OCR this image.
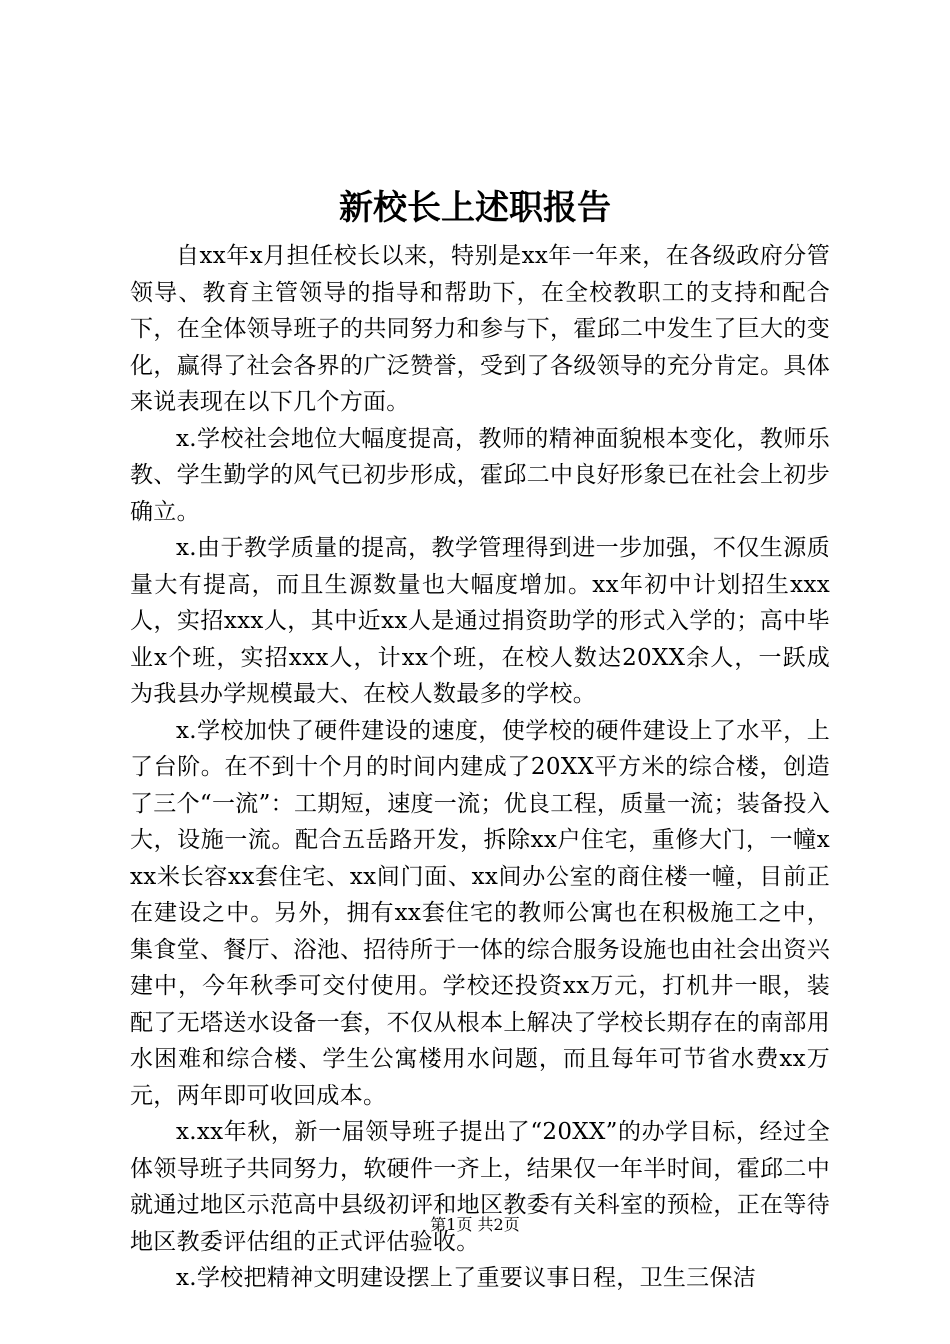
新校长上述职报告

自xx年x月担任校长以来，特别是xx年一年来，在各级政府分管领导、教育主管领导的指导和帮助下，在全校教职工的支持和配合下，在全体领导班子的共同努力和参与下，霍邱二中发生了巨大的变化，赢得了社会各界的广泛赞誉，受到了各级领导的充分肯定。具体来说表现在以下几个方面。

x.学校社会地位大幅度提高，教师的精神面貌根本变化，教师乐教、学生勤学的风气已初步形成，霍邱二中良好形象已在社会上初步确立。

x.由于教学质量的提高，教学管理得到进一步加强，不仅生源质量大有提高，而且生源数量也大幅度增加。xx年初中计划招生xxx人，实招xxx人，其中近xx人是通过捐资助学的形式入学的；高中毕业x个班，实招xxx人，计xx个班，在校人数达20XX余人，一跃成为我县办学规模最大、在校人数最多的学校。

x.学校加快了硬件建设的速度，使学校的硬件建设上了水平，上了台阶。在不到十个月的时间内建成了20XX平方米的综合楼，创造了三个“一流”：工期短，速度一流；优良工程，质量一流；装备投入大，设施一流。配合五岳路开发，拆除xx户住宅，重修大门，一幢xxx米长容xx套住宅、xx间门面、xx间办公室的商住楼一幢，目前正在建设之中。另外，拥有xx套住宅的教师公寓也在积极施工之中，集食堂、餐厅、浴池、招待所于一体的综合服务设施也由社会出资兴建中，今年秋季可交付使用。学校还投资xx万元，打机井一眼，装配了无塔送水设备一套，不仅从根本上解决了学校长期存在的南部用水困难和综合楼、学生公寓楼用水问题，而且每年可节省水费xx万元，两年即可收回成本。

x.xx年秋，新一届领导班子提出了“20XX”的办学目标，经过全体领导班子共同努力，软硬件一齐上，结果仅一年半时间，霍邱二中就通过地区示范高中县级初评和地区教委有关科室的预检，正在等待地区教委评估组的正式评估验收。

x.学校把精神文明建设摆上了重要议事日程，卫生三保洁

第1页 共2页
